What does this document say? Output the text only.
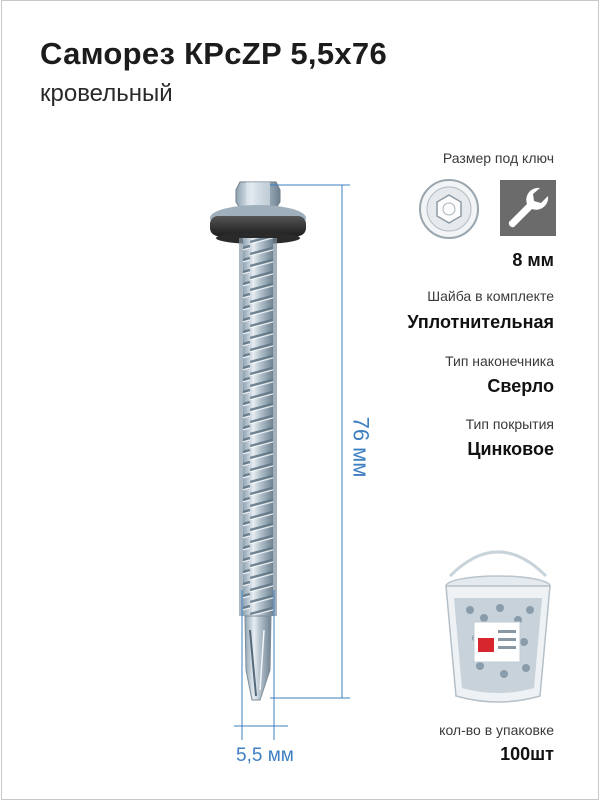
Саморез КРсZP 5,5х76
кровельный
76 мм
5,5 мм
Размер под ключ
8 мм
Шайба в комплекте
Уплотнительная
Тип наконечника
Сверло
Тип покрытия
Цинковое
кол-во в упаковке
100шт
